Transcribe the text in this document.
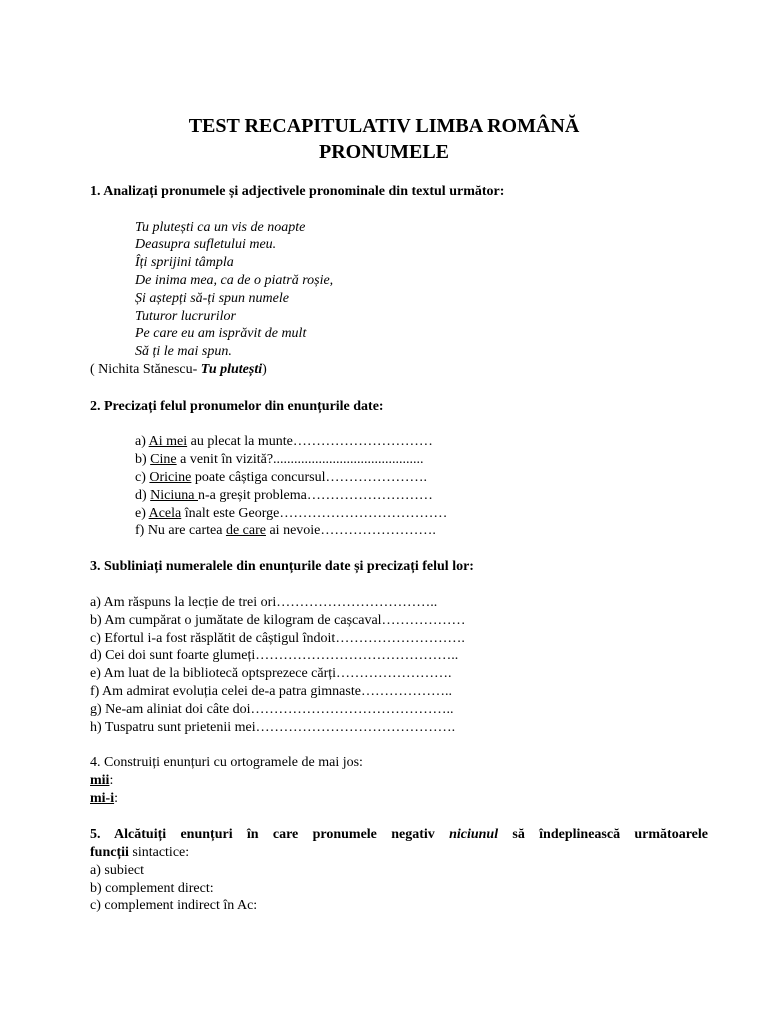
TEST RECAPITULATIV LIMBA ROMÂNĂ
PRONUMELE
1. Analizați pronumele și adjectivele pronominale din textul următor:
Tu plutești ca un vis de noapte
Deasupra sufletului meu.
Îți sprijini tâmpla
De inima mea, ca de o piatră roșie,
Și aștepți să-ți spun numele
Tuturor lucrurilor
Pe care eu am isprăvit de mult
Să ți le mai spun.
( Nichita Stănescu- Tu plutești)
2. Precizați felul pronumelor din enunțurile date:
a) Ai mei au plecat la munte…………………………
b) Cine a venit în vizită?...........................................
c) Oricine poate câștiga concursul………………….
d) Niciuna n-a greșit problema………………………
e) Acela înalt este George………………………………
f) Nu are cartea de care ai nevoie…………………….
3. Subliniați numeralele din enunțurile date și precizați felul lor:
a) Am răspuns la lecție de trei ori……………………………..
b) Am cumpărat o jumătate de kilogram de cașcaval………………
c) Efortul i-a fost răsplătit de câștigul îndoit……………………….
d) Cei doi sunt foarte glumeți……………………………………..
e) Am luat de la bibliotecă optsprezece cărți…………………….
f) Am admirat evoluția celei de-a patra gimnaste………………..
g) Ne-am aliniat doi câte doi……………………………………..
h) Tuspatru sunt prietenii mei…………………………………….
4. Construiți enunțuri cu ortogramele de mai jos:
mii:
mi-i:
5. Alcătuiți enunțuri în care pronumele negativ niciunul să îndeplinească următoarele
funcții sintactice:
a) subiect
b) complement direct:
c) complement indirect în Ac:
